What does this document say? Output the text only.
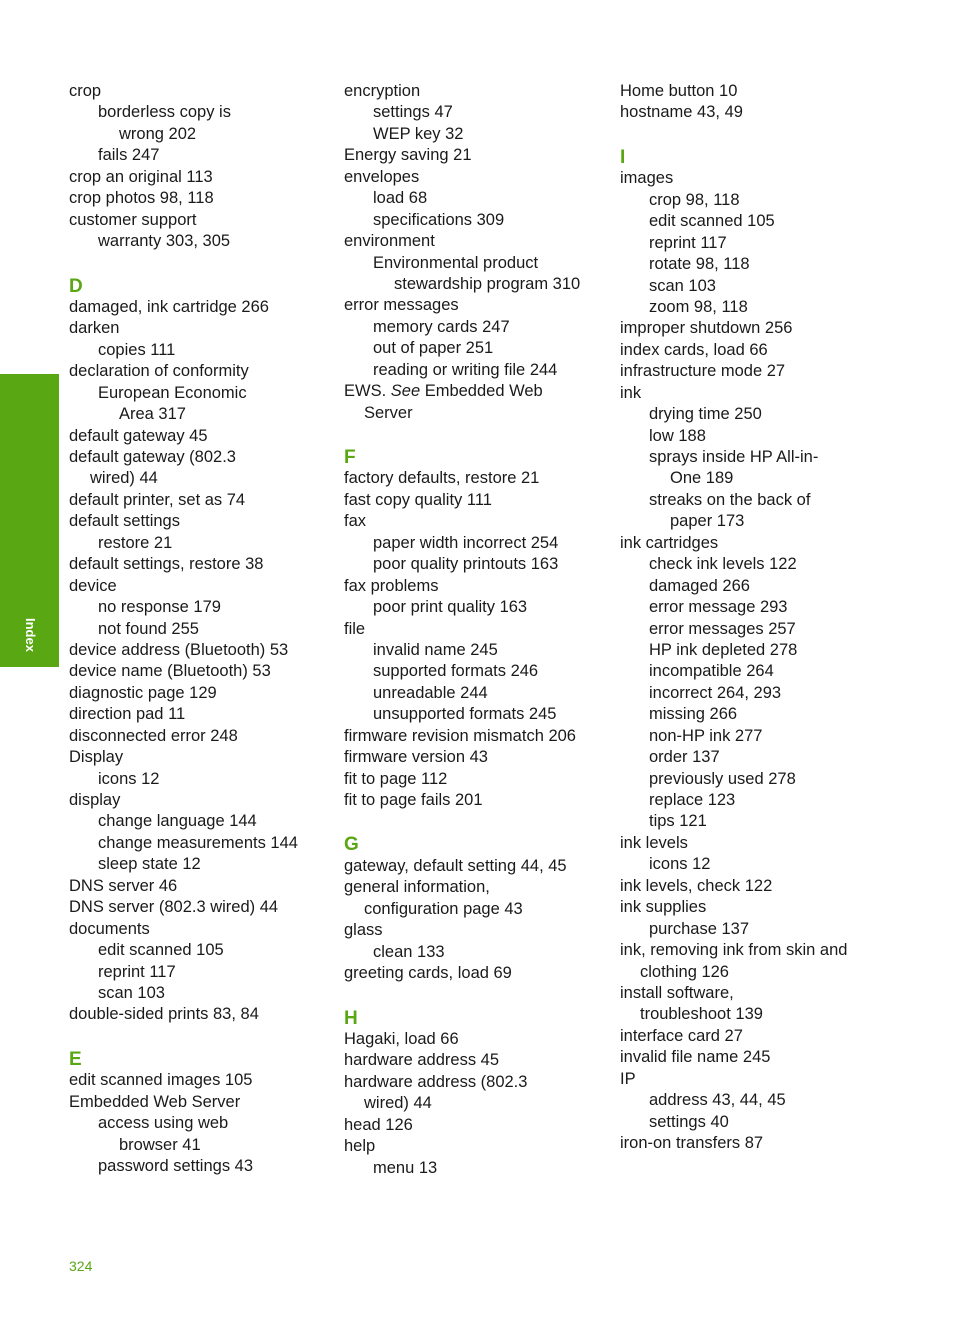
Index
crop
borderless copy is
wrong 202
fails 247
crop an original 113
crop photos 98, 118
customer support
warranty 303, 305
D
damaged, ink cartridge 266
darken
copies 111
declaration of conformity
European Economic
Area 317
default gateway 45
default gateway (802.3
wired) 44
default printer, set as 74
default settings
restore 21
default settings, restore 38
device
no response 179
not found 255
device address (Bluetooth) 53
device name (Bluetooth) 53
diagnostic page 129
direction pad 11
disconnected error 248
Display
icons 12
display
change language 144
change measurements 144
sleep state 12
DNS server 46
DNS server (802.3 wired) 44
documents
edit scanned 105
reprint 117
scan 103
double-sided prints 83, 84
E
edit scanned images 105
Embedded Web Server
access using web
browser 41
password settings 43
encryption
settings 47
WEP key 32
Energy saving 21
envelopes
load 68
specifications 309
environment
Environmental product
stewardship program 310
error messages
memory cards 247
out of paper 251
reading or writing file 244
EWS. See Embedded Web
Server
F
factory defaults, restore 21
fast copy quality 111
fax
paper width incorrect 254
poor quality printouts 163
fax problems
poor print quality 163
file
invalid name 245
supported formats 246
unreadable 244
unsupported formats 245
firmware revision mismatch 206
firmware version 43
fit to page 112
fit to page fails 201
G
gateway, default setting 44, 45
general information,
configuration page 43
glass
clean 133
greeting cards, load 69
H
Hagaki, load 66
hardware address 45
hardware address (802.3
wired) 44
head 126
help
menu 13
Home button 10
hostname 43, 49
I
images
crop 98, 118
edit scanned 105
reprint 117
rotate 98, 118
scan 103
zoom 98, 118
improper shutdown 256
index cards, load 66
infrastructure mode 27
ink
drying time 250
low 188
sprays inside HP All-in-
One 189
streaks on the back of
paper 173
ink cartridges
check ink levels 122
damaged 266
error message 293
error messages 257
HP ink depleted 278
incompatible 264
incorrect 264, 293
missing 266
non-HP ink 277
order 137
previously used 278
replace 123
tips 121
ink levels
icons 12
ink levels, check 122
ink supplies
purchase 137
ink, removing ink from skin and
clothing 126
install software,
troubleshoot 139
interface card 27
invalid file name 245
IP
address 43, 44, 45
settings 40
iron-on transfers 87
324
